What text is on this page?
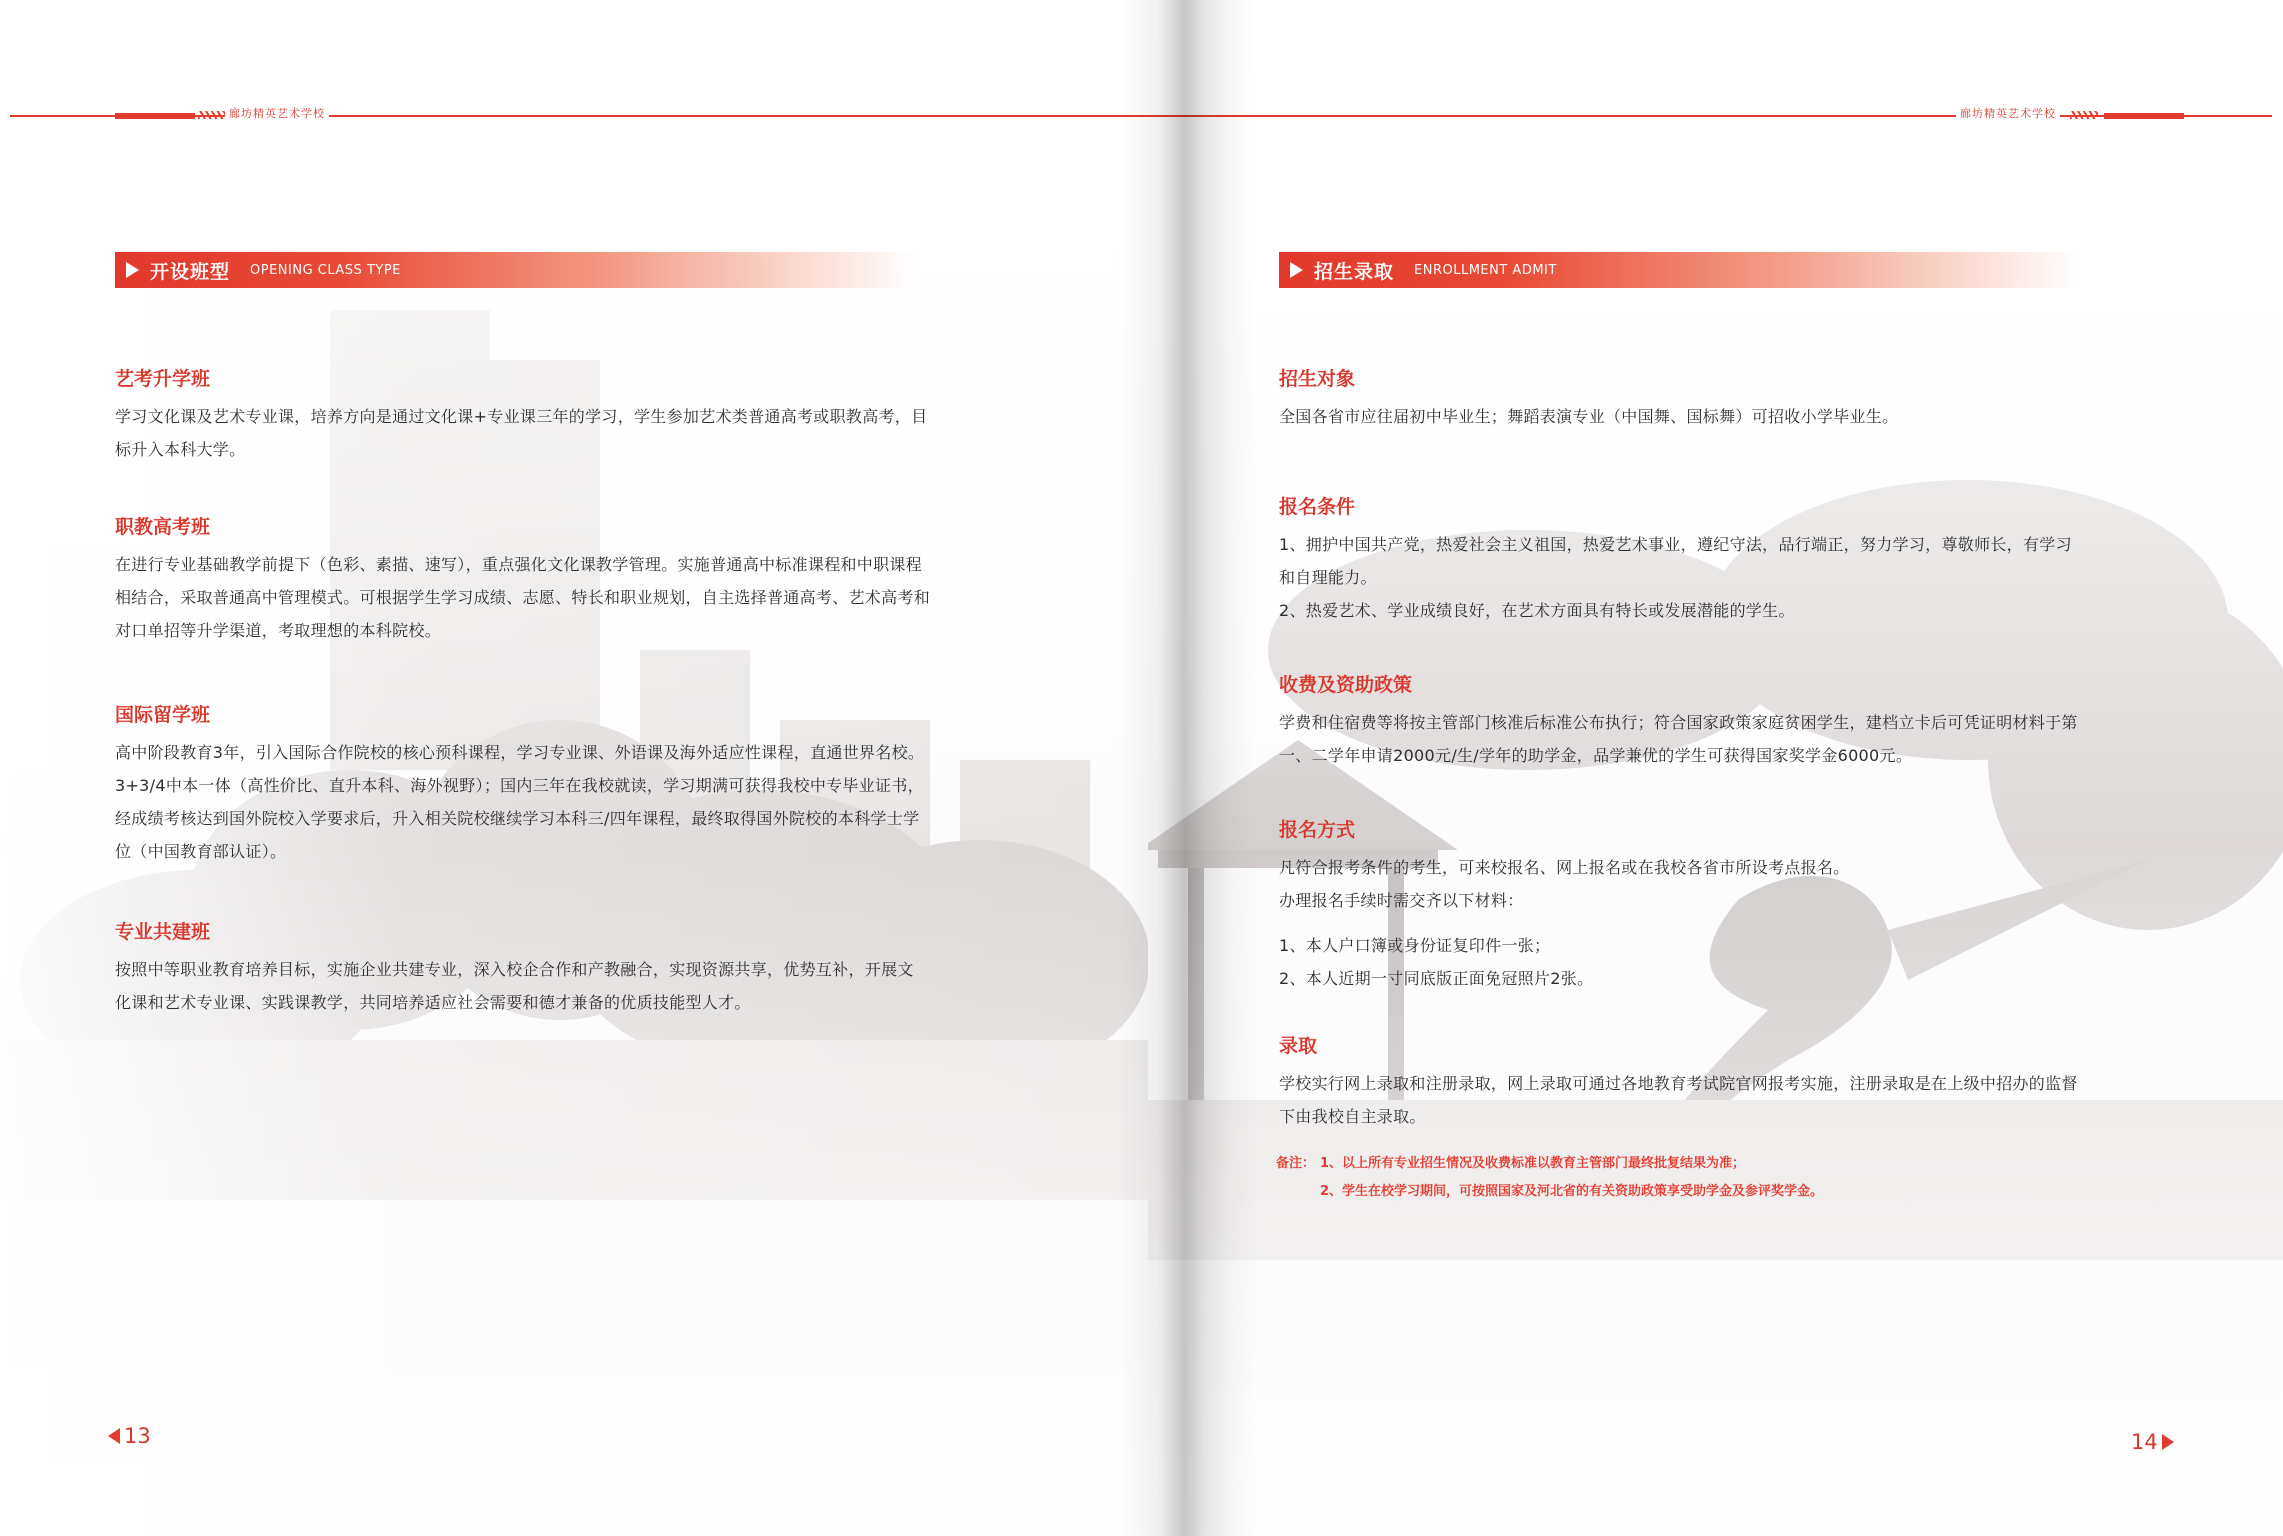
廊坊精英艺术学校
开设班型 OPENING CLASS TYPE
艺考升学班

学习文化课及艺术专业课，培养方向是通过文化课+专业课三年的学习，学生参加艺术类普通高考或职教高考，目

标升入本科大学。

职教高考班

在进行专业基础教学前提下（色彩、素描、速写），重点强化文化课教学管理。实施普通高中标准课程和中职课程

相结合，采取普通高中管理模式。可根据学生学习成绩、志愿、特长和职业规划，自主选择普通高考、艺术高考和

对口单招等升学渠道，考取理想的本科院校。

国际留学班

高中阶段教育3年，引入国际合作院校的核心预科课程，学习专业课、外语课及海外适应性课程，直通世界名校。

3+3/4中本一体（高性价比、直升本科、海外视野）；国内三年在我校就读，学习期满可获得我校中专毕业证书，

经成绩考核达到国外院校入学要求后，升入相关院校继续学习本科三/四年课程，最终取得国外院校的本科学士学

位（中国教育部认证）。

专业共建班

按照中等职业教育培养目标，实施企业共建专业，深入校企合作和产教融合，实现资源共享，优势互补，开展文

化课和艺术专业课、实践课教学，共同培养适应社会需要和德才兼备的优质技能型人才。

13
廊坊精英艺术学校
招生录取 ENROLLMENT ADMIT
招生对象

全国各省市应往届初中毕业生；舞蹈表演专业（中国舞、国标舞）可招收小学毕业生。

报名条件

1、拥护中国共产党，热爱社会主义祖国，热爱艺术事业，遵纪守法，品行端正，努力学习，尊敬师长，有学习

和自理能力。

2、热爱艺术、学业成绩良好，在艺术方面具有特长或发展潜能的学生。

收费及资助政策

学费和住宿费等将按主管部门核准后标准公布执行；符合国家政策家庭贫困学生，建档立卡后可凭证明材料于第

一、二学年申请2000元/生/学年的助学金，品学兼优的学生可获得国家奖学金6000元。

报名方式

凡符合报考条件的考生，可来校报名、网上报名或在我校各省市所设考点报名。

办理报名手续时需交齐以下材料：

1、本人户口簿或身份证复印件一张；

2、本人近期一寸同底版正面免冠照片2张。

录取

学校实行网上录取和注册录取，网上录取可通过各地教育考试院官网报考实施，注册录取是在上级中招办的监督

下由我校自主录取。

备注： 1、以上所有专业招生情况及收费标准以教育主管部门最终批复结果为准；
2、学生在校学习期间，可按照国家及河北省的有关资助政策享受助学金及参评奖学金。
14
